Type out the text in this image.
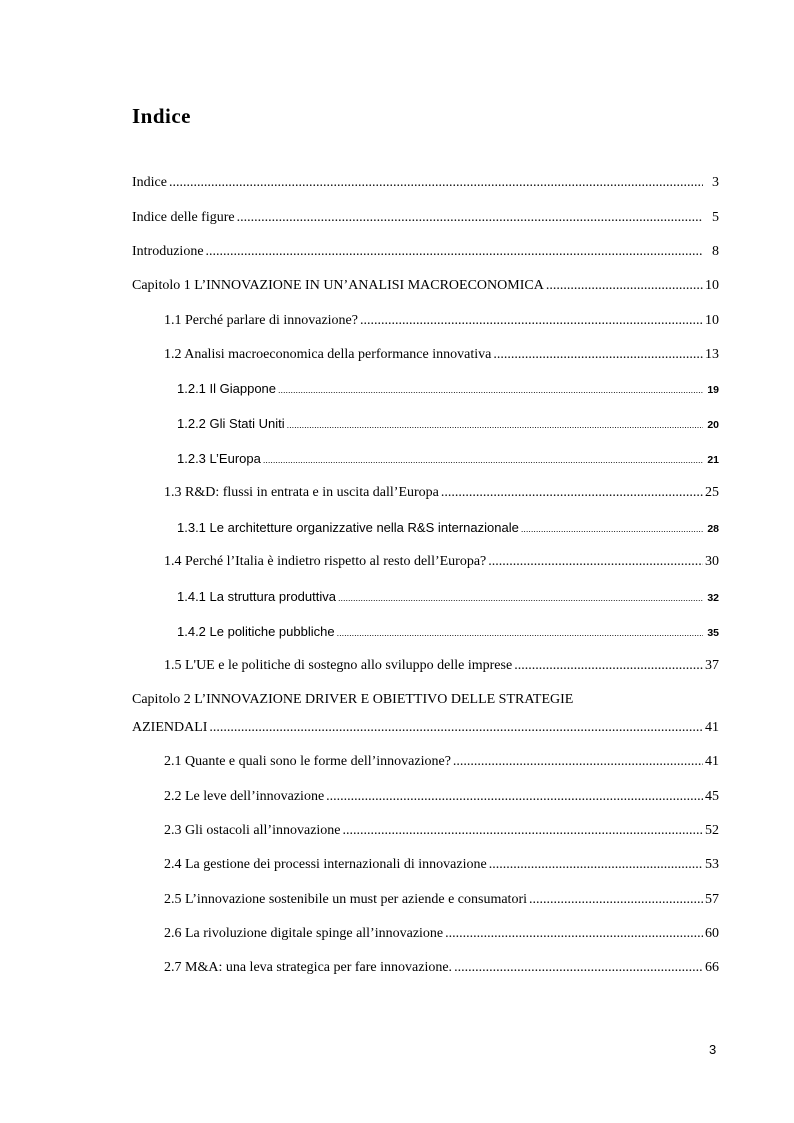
Indice
Indice .....	3
Indice delle figure .....	5
Introduzione .....	8
Capitolo 1 L’INNOVAZIONE IN UN’ANALISI MACROECONOMICA .....	10
1.1 Perché parlare di innovazione? .....	10
1.2 Analisi macroeconomica della performance innovativa .....	13
1.2.1 Il Giappone .....	19
1.2.2 Gli Stati Uniti .....	20
1.2.3 L’Europa .....	21
1.3 R&D: flussi in entrata e in uscita dall’Europa .....	25
1.3.1 Le architetture organizzative nella R&S internazionale .....	28
1.4 Perché l’Italia è indietro rispetto al resto dell’Europa? .....	30
1.4.1 La struttura produttiva .....	32
1.4.2 Le politiche pubbliche .....	35
1.5 L'UE e le politiche di sostegno allo sviluppo delle imprese .....	37
Capitolo 2 L’INNOVAZIONE DRIVER E OBIETTIVO DELLE STRATEGIE
AZIENDALI .....	41
2.1 Quante e quali sono le forme dell’innovazione? .....	41
2.2 Le leve dell’innovazione .....	45
2.3 Gli ostacoli all’innovazione .....	52
2.4 La gestione dei processi internazionali di innovazione .....	53
2.5 L’innovazione sostenibile un must per aziende e consumatori .....	57
2.6 La rivoluzione digitale spinge all’innovazione .....	60
2.7 M&A: una leva strategica per fare innovazione. .....	66
3
